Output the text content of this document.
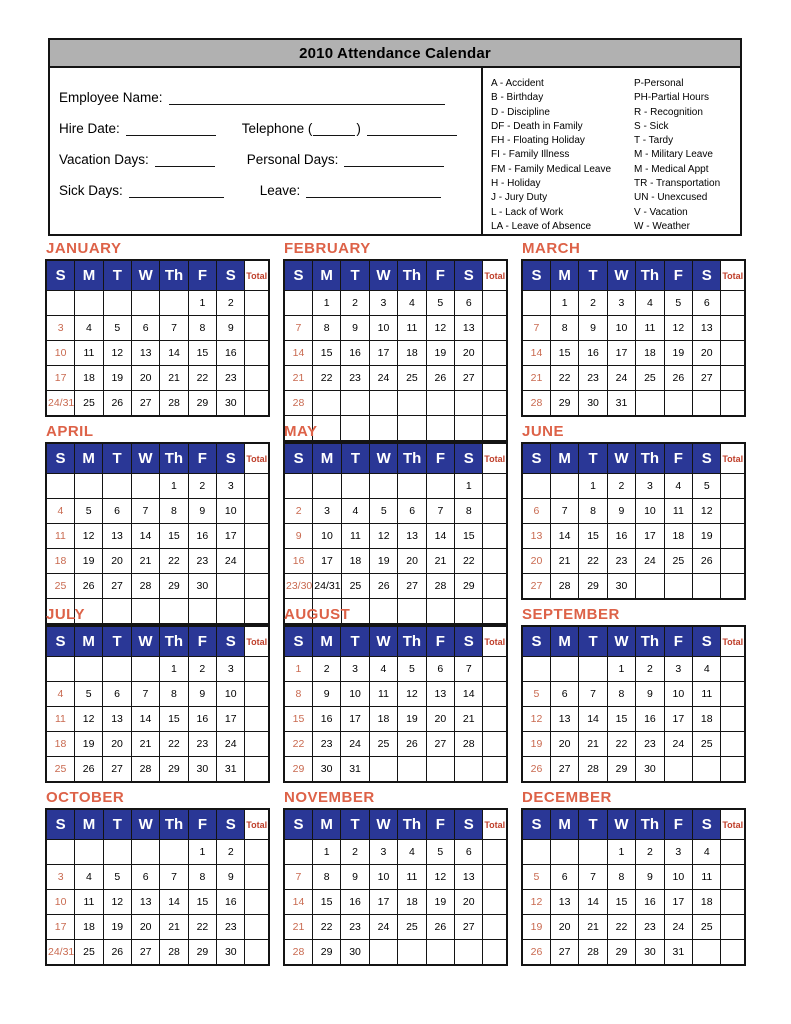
2010 Attendance Calendar
Employee Name:
Hire Date:	Telephone (	)
Vacation Days:	Personal Days:
Sick Days:	Leave:
A - Accident
B - Birthday
D - Discipline
DF - Death in Family
FH - Floating Holiday
FI - Family Illness
FM - Family Medical Leave
H - Holiday
J - Jury Duty
L - Lack of Work
LA - Leave of Absence
P-Personal
PH-Partial Hours
R - Recognition
S - Sick
T - Tardy
M - Military Leave
M - Medical Appt
TR - Transportation
UN - Unexcused
V - Vacation
W - Weather
JANUARY
S	M	T	W	Th	F	S	Total
					1	2	
3	4	5	6	7	8	9	
10	11	12	13	14	15	16	
17	18	19	20	21	22	23	
24/31	25	26	27	28	29	30	
FEBRUARY
S	M	T	W	Th	F	S	Total
	1	2	3	4	5	6	
7	8	9	10	11	12	13	
14	15	16	17	18	19	20	
21	22	23	24	25	26	27	
28							

MARCH
S	M	T	W	Th	F	S	Total
	1	2	3	4	5	6	
7	8	9	10	11	12	13	
14	15	16	17	18	19	20	
21	22	23	24	25	26	27	
28	29	30	31				
APRIL
S	M	T	W	Th	F	S	Total
				1	2	3	
4	5	6	7	8	9	10	
11	12	13	14	15	16	17	
18	19	20	21	22	23	24	
25	26	27	28	29	30		

MAY
S	M	T	W	Th	F	S	Total
						1	
2	3	4	5	6	7	8	
9	10	11	12	13	14	15	
16	17	18	19	20	21	22	
23/30	24/31	25	26	27	28	29	

JUNE
S	M	T	W	Th	F	S	Total
		1	2	3	4	5	
6	7	8	9	10	11	12	
13	14	15	16	17	18	19	
20	21	22	23	24	25	26	
27	28	29	30				
JULY
S	M	T	W	Th	F	S	Total
				1	2	3	
4	5	6	7	8	9	10	
11	12	13	14	15	16	17	
18	19	20	21	22	23	24	
25	26	27	28	29	30	31	
AUGUST
S	M	T	W	Th	F	S	Total
1	2	3	4	5	6	7	
8	9	10	11	12	13	14	
15	16	17	18	19	20	21	
22	23	24	25	26	27	28	
29	30	31					
SEPTEMBER
S	M	T	W	Th	F	S	Total
			1	2	3	4	
5	6	7	8	9	10	11	
12	13	14	15	16	17	18	
19	20	21	22	23	24	25	
26	27	28	29	30			
OCTOBER
S	M	T	W	Th	F	S	Total
					1	2	
3	4	5	6	7	8	9	
10	11	12	13	14	15	16	
17	18	19	20	21	22	23	
24/31	25	26	27	28	29	30	
NOVEMBER
S	M	T	W	Th	F	S	Total
	1	2	3	4	5	6	
7	8	9	10	11	12	13	
14	15	16	17	18	19	20	
21	22	23	24	25	26	27	
28	29	30					
DECEMBER
S	M	T	W	Th	F	S	Total
			1	2	3	4	
5	6	7	8	9	10	11	
12	13	14	15	16	17	18	
19	20	21	22	23	24	25	
26	27	28	29	30	31		
